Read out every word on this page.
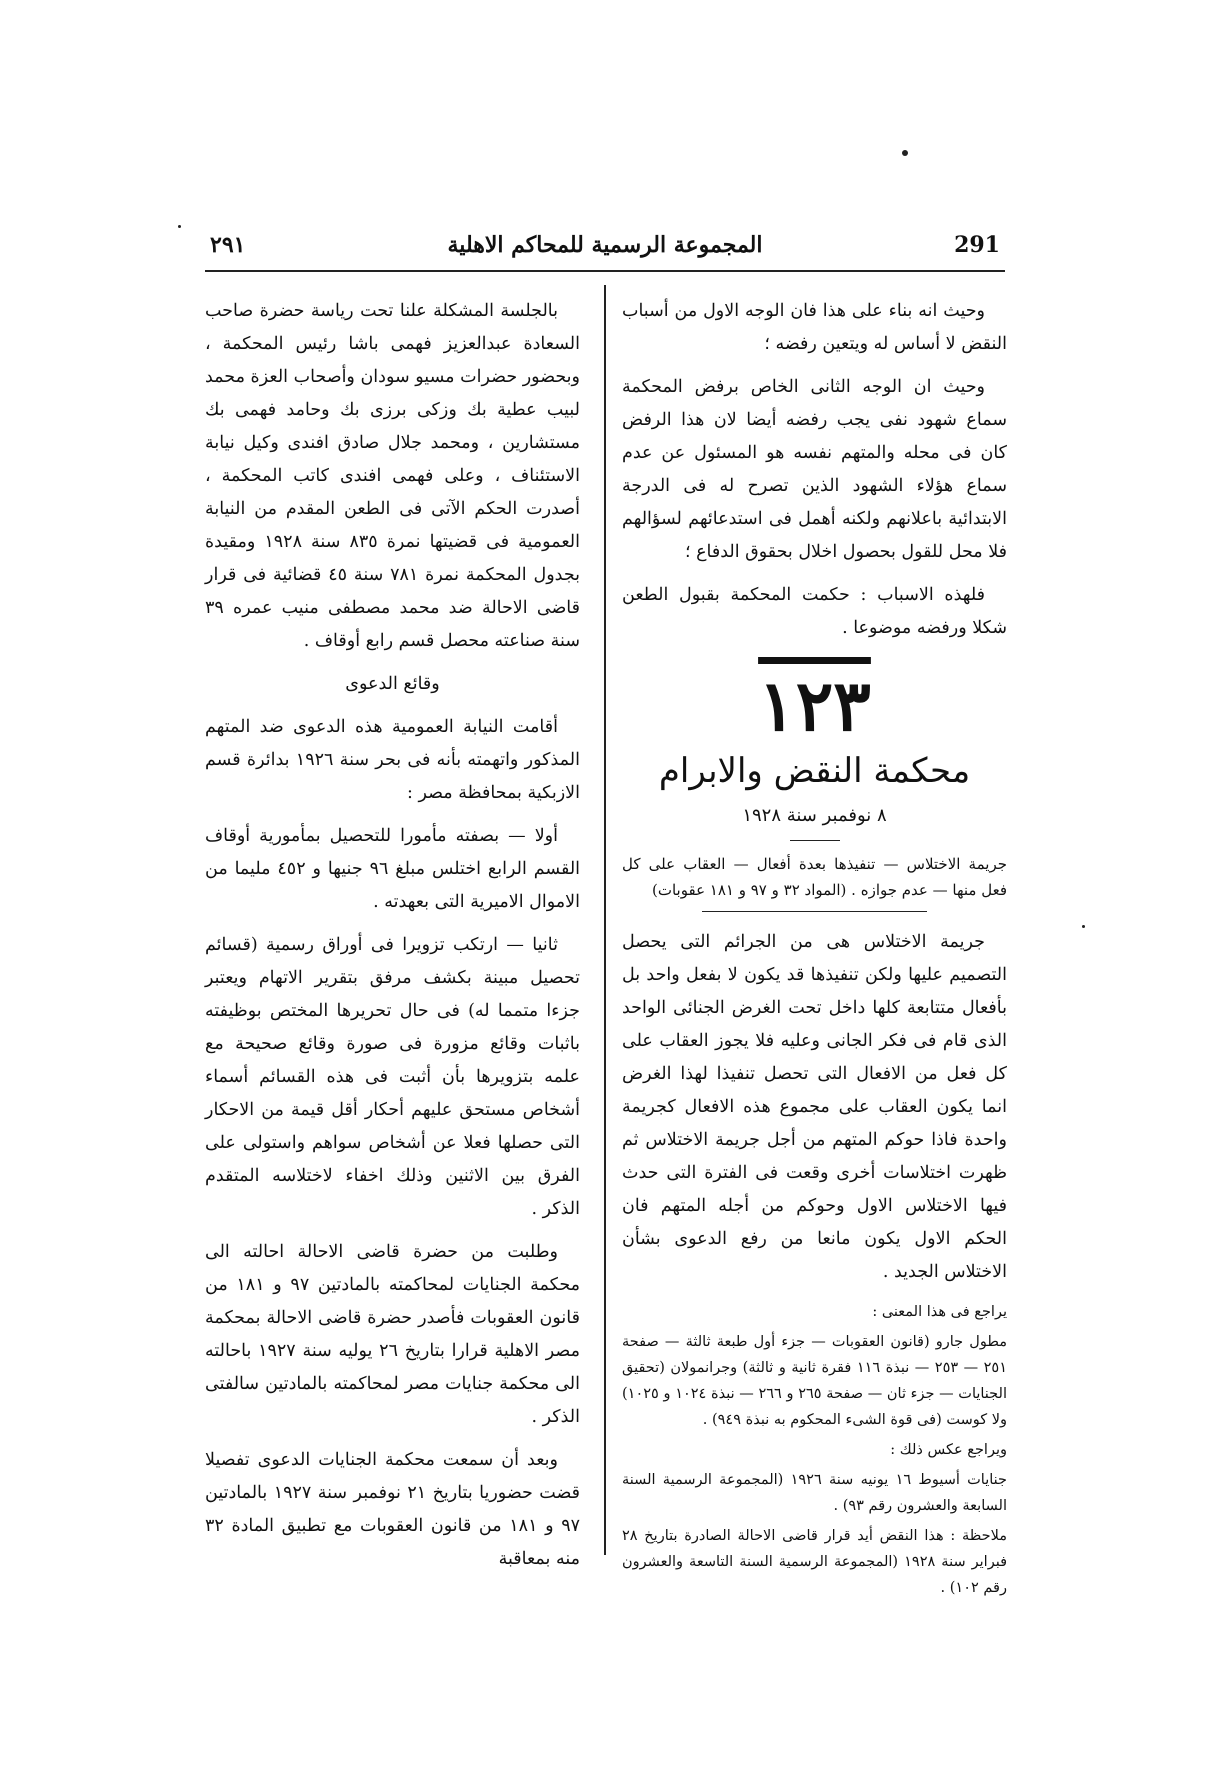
٢٩١	المجموعة الرسمية للمحاكم الاهلية	291

وحيث انه بناء على هذا فان الوجه الاول من أسباب النقض لا أساس له ويتعين رفضه ؛

وحيث ان الوجه الثانى الخاص برفض المحكمة سماع شهود نفى يجب رفضه أيضا لان هذا الرفض كان فى محله والمتهم نفسه هو المسئول عن عدم سماع هؤلاء الشهود الذين تصرح له فى الدرجة الابتدائية باعلانهم ولكنه أهمل فى استدعائهم لسؤالهم فلا محل للقول بحصول اخلال بحقوق الدفاع ؛

فلهذه الاسباب : حكمت المحكمة بقبول الطعن شكلا ورفضه موضوعا .

١٢٣
محكمة النقض والابرام
٨ نوفمبر سنة ١٩٢٨

جريمة الاختلاس — تنفيذها بعدة أفعال — العقاب على كل فعل منها — عدم جوازه . (المواد ٣٢ و ٩٧ و ١٨١ عقوبات)

جريمة الاختلاس هى من الجرائم التى يحصل التصميم عليها ولكن تنفيذها قد يكون لا بفعل واحد بل بأفعال متتابعة كلها داخل تحت الغرض الجنائى الواحد الذى قام فى فكر الجانى وعليه فلا يجوز العقاب على كل فعل من الافعال التى تحصل تنفيذا لهذا الغرض انما يكون العقاب على مجموع هذه الافعال كجريمة واحدة فاذا حوكم المتهم من أجل جريمة الاختلاس ثم ظهرت اختلاسات أخرى وقعت فى الفترة التى حدث فيها الاختلاس الاول وحوكم من أجله المتهم فان الحكم الاول يكون مانعا من رفع الدعوى بشأن الاختلاس الجديد .

يراجع فى هذا المعنى :

مطول جارو (قانون العقوبات — جزء أول طبعة ثالثة — صفحة ٢٥١ — ٢٥٣ — نبذة ١١٦ فقرة ثانية و ثالثة) وجرانمولان (تحقيق الجنايات — جزء ثان — صفحة ٢٦٥ و ٢٦٦ — نبذة ١٠٢٤ و ١٠٢٥) ولا كوست (فى قوة الشىء المحكوم به نبذة ٩٤٩) .

ويراجع عكس ذلك :

جنايات أسيوط ١٦ يونيه سنة ١٩٢٦ (المجموعة الرسمية السنة السابعة والعشرون رقم ٩٣) .

ملاحظة : هذا النقض أيد قرار قاضى الاحالة الصادرة بتاريخ ٢٨ فبراير سنة ١٩٢٨ (المجموعة الرسمية السنة التاسعة والعشرون رقم ١٠٢) .

بالجلسة المشكلة علنا تحت رياسة حضرة صاحب السعادة عبدالعزيز فهمى باشا رئيس المحكمة ، وبحضور حضرات مسيو سودان وأصحاب العزة محمد لبيب عطية بك وزكى برزى بك وحامد فهمى بك مستشارين ، ومحمد جلال صادق افندى وكيل نيابة الاستئناف ، وعلى فهمى افندى كاتب المحكمة ، أصدرت الحكم الآتى فى الطعن المقدم من النيابة العمومية فى قضيتها نمرة ٨٣٥ سنة ١٩٢٨ ومقيدة بجدول المحكمة نمرة ٧٨١ سنة ٤٥ قضائية فى قرار قاضى الاحالة ضد محمد مصطفى منيب عمره ٣٩ سنة صناعته محصل قسم رابع أوقاف .

وقائع الدعوى

أقامت النيابة العمومية هذه الدعوى ضد المتهم المذكور واتهمته بأنه فى بحر سنة ١٩٢٦ بدائرة قسم الازبكية بمحافظة مصر :

أولا — بصفته مأمورا للتحصيل بمأمورية أوقاف القسم الرابع اختلس مبلغ ٩٦ جنيها و ٤٥٢ مليما من الاموال الاميرية التى بعهدته .

ثانيا — ارتكب تزويرا فى أوراق رسمية (قسائم تحصيل مبينة بكشف مرفق بتقرير الاتهام ويعتبر جزءا متمما له) فى حال تحريرها المختص بوظيفته باثبات وقائع مزورة فى صورة وقائع صحيحة مع علمه بتزويرها بأن أثبت فى هذه القسائم أسماء أشخاص مستحق عليهم أحكار أقل قيمة من الاحكار التى حصلها فعلا عن أشخاص سواهم واستولى على الفرق بين الاثنين وذلك اخفاء لاختلاسه المتقدم الذكر .

وطلبت من حضرة قاضى الاحالة احالته الى محكمة الجنايات لمحاكمته بالمادتين ٩٧ و ١٨١ من قانون العقوبات فأصدر حضرة قاضى الاحالة بمحكمة مصر الاهلية قرارا بتاريخ ٢٦ يوليه سنة ١٩٢٧ باحالته الى محكمة جنايات مصر لمحاكمته بالمادتين سالفتى الذكر .

وبعد أن سمعت محكمة الجنايات الدعوى تفصيلا قضت حضوريا بتاريخ ٢١ نوفمبر سنة ١٩٢٧ بالمادتين ٩٧ و ١٨١ من قانون العقوبات مع تطبيق المادة ٣٢ منه بمعاقبة
